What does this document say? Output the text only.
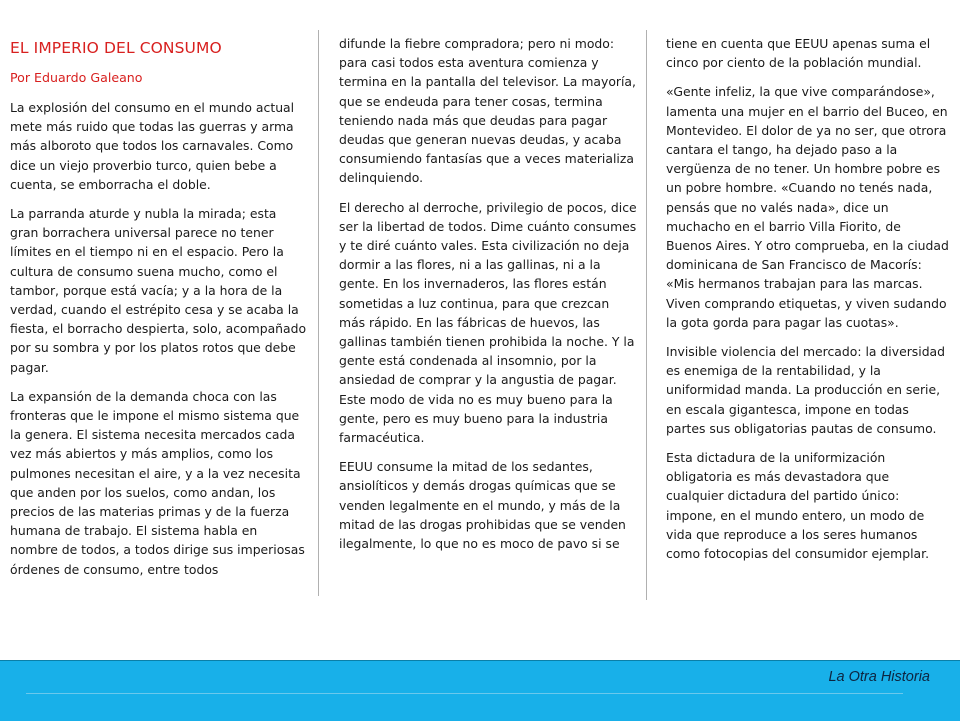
EL IMPERIO DEL CONSUMO
Por Eduardo Galeano

La explosión del consumo en el mundo actual mete más ruido que todas las guerras y arma más alboroto que todos los carnavales. Como dice un viejo proverbio turco, quien bebe a cuenta, se emborracha el doble.

La parranda aturde y nubla la mirada; esta gran borrachera universal parece no tener límites en el tiempo ni en el espacio. Pero la cultura de consumo suena mucho, como el tambor, porque está vacía; y a la hora de la verdad, cuando el estrépito cesa y se acaba la fiesta, el borracho despierta, solo, acompañado por su sombra y por los platos rotos que debe pagar.

La expansión de la demanda choca con las fronteras que le impone el mismo sistema que la genera. El sistema necesita mercados cada vez más abiertos y más amplios, como los pulmones necesitan el aire, y a la vez necesita que anden por los suelos, como andan, los precios de las materias primas y de la fuerza humana de trabajo. El sistema habla en nombre de todos, a todos dirige sus imperiosas órdenes de consumo, entre todos

difunde la fiebre compradora; pero ni modo: para casi todos esta aventura comienza y termina en la pantalla del televisor. La mayoría, que se endeuda para tener cosas, termina teniendo nada más que deudas para pagar deudas que generan nuevas deudas, y acaba consumiendo fantasías que a veces materializa delinquiendo.

El derecho al derroche, privilegio de pocos, dice ser la libertad de todos. Dime cuánto consumes y te diré cuánto vales. Esta civilización no deja dormir a las flores, ni a las gallinas, ni a la gente. En los invernaderos, las flores están sometidas a luz continua, para que crezcan más rápido. En las fábricas de huevos, las gallinas también tienen prohibida la noche. Y la gente está condenada al insomnio, por la ansiedad de comprar y la angustia de pagar. Este modo de vida no es muy bueno para la gente, pero es muy bueno para la industria farmacéutica.

EEUU consume la mitad de los sedantes, ansiolíticos y demás drogas químicas que se venden legalmente en el mundo, y más de la mitad de las drogas prohibidas que se venden ilegalmente, lo que no es moco de pavo si se

tiene en cuenta que EEUU apenas suma el cinco por ciento de la población mundial.

«Gente infeliz, la que vive comparándose», lamenta una mujer en el barrio del Buceo, en Montevideo. El dolor de ya no ser, que otrora cantara el tango, ha dejado paso a la vergüenza de no tener. Un hombre pobre es un pobre hombre. «Cuando no tenés nada, pensás que no valés nada», dice un muchacho en el barrio Villa Fiorito, de Buenos Aires. Y otro comprueba, en la ciudad dominicana de San Francisco de Macorís: «Mis hermanos trabajan para las marcas. Viven comprando etiquetas, y viven sudando la gota gorda para pagar las cuotas».

Invisible violencia del mercado: la diversidad es enemiga de la rentabilidad, y la uniformidad manda. La producción en serie, en escala gigantesca, impone en todas partes sus obligatorias pautas de consumo.

Esta dictadura de la uniformización obligatoria es más devastadora que cualquier dictadura del partido único: impone, en el mundo entero, un modo de vida que reproduce a los seres humanos como fotocopias del consumidor ejemplar.

La Otra Historia
